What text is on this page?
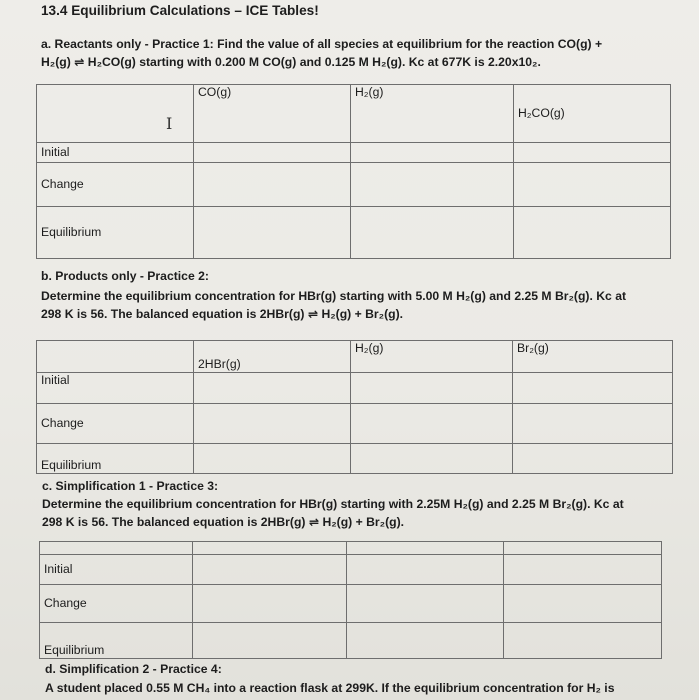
13.4 Equilibrium Calculations – ICE Tables!
a. Reactants only - Practice 1: Find the value of all species at equilibrium for the reaction CO(g) +
H₂(g) ⇌ H₂CO(g) starting with 0.200 M CO(g) and 0.125 M H₂(g). Kc at 677K is 2.20x10₂.
	CO(g)	H₂(g)	H₂CO(g)
Initial			
Change			
Equilibrium			
I
b. Products only - Practice 2:
Determine the equilibrium concentration for HBr(g) starting with 5.00 M H₂(g) and 2.25 M Br₂(g). Kc at
298 K is 56. The balanced equation is 2HBr(g) ⇌ H₂(g) + Br₂(g).
	2HBr(g)	H₂(g)	Br₂(g)
Initial			
Change			
Equilibrium			
c. Simplification 1 - Practice 3:
Determine the equilibrium concentration for HBr(g) starting with 2.25M H₂(g) and 2.25 M Br₂(g). Kc at
298 K is 56. The balanced equation is 2HBr(g) ⇌ H₂(g) + Br₂(g).

Initial			
Change			
Equilibrium			
d. Simplification 2 - Practice 4:
A student placed 0.55 M CH₄ into a reaction flask at 299K. If the equilibrium concentration for H₂ is
